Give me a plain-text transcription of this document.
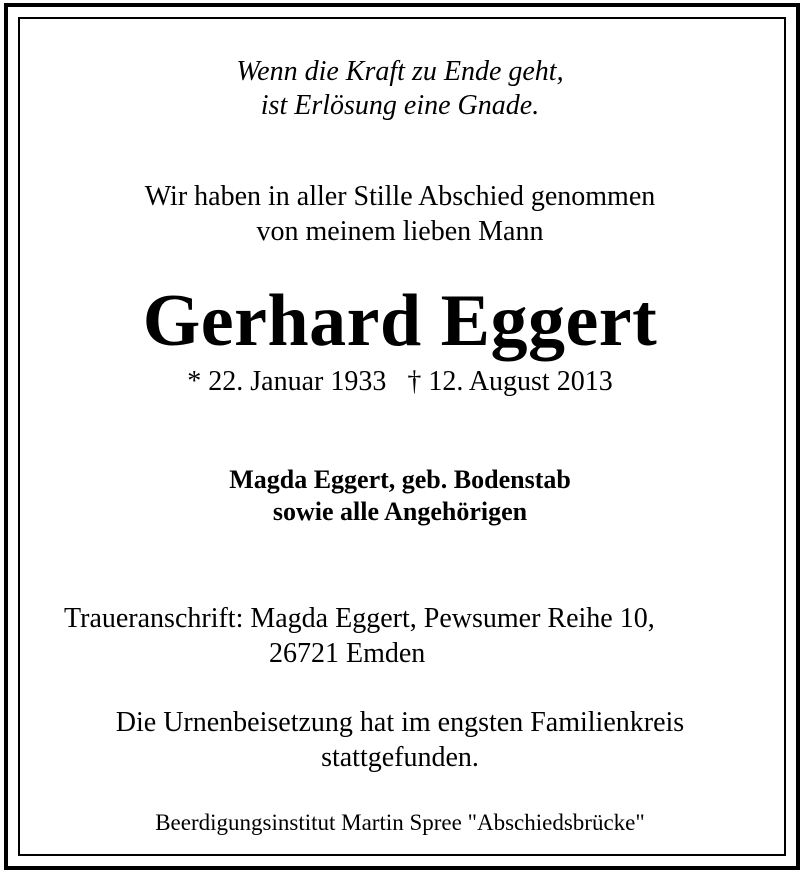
Wenn die Kraft zu Ende geht,
ist Erlösung eine Gnade.
Wir haben in aller Stille Abschied genommen
von meinem lieben Mann
Gerhard Eggert
* 22. Januar 1933   † 12. August 2013
Magda Eggert, geb. Bodenstab
sowie alle Angehörigen
Traueranschrift: Magda Eggert, Pewsumer Reihe 10,
26721 Emden
Die Urnenbeisetzung hat im engsten Familienkreis
stattgefunden.
Beerdigungsinstitut Martin Spree "Abschiedsbrücke"
